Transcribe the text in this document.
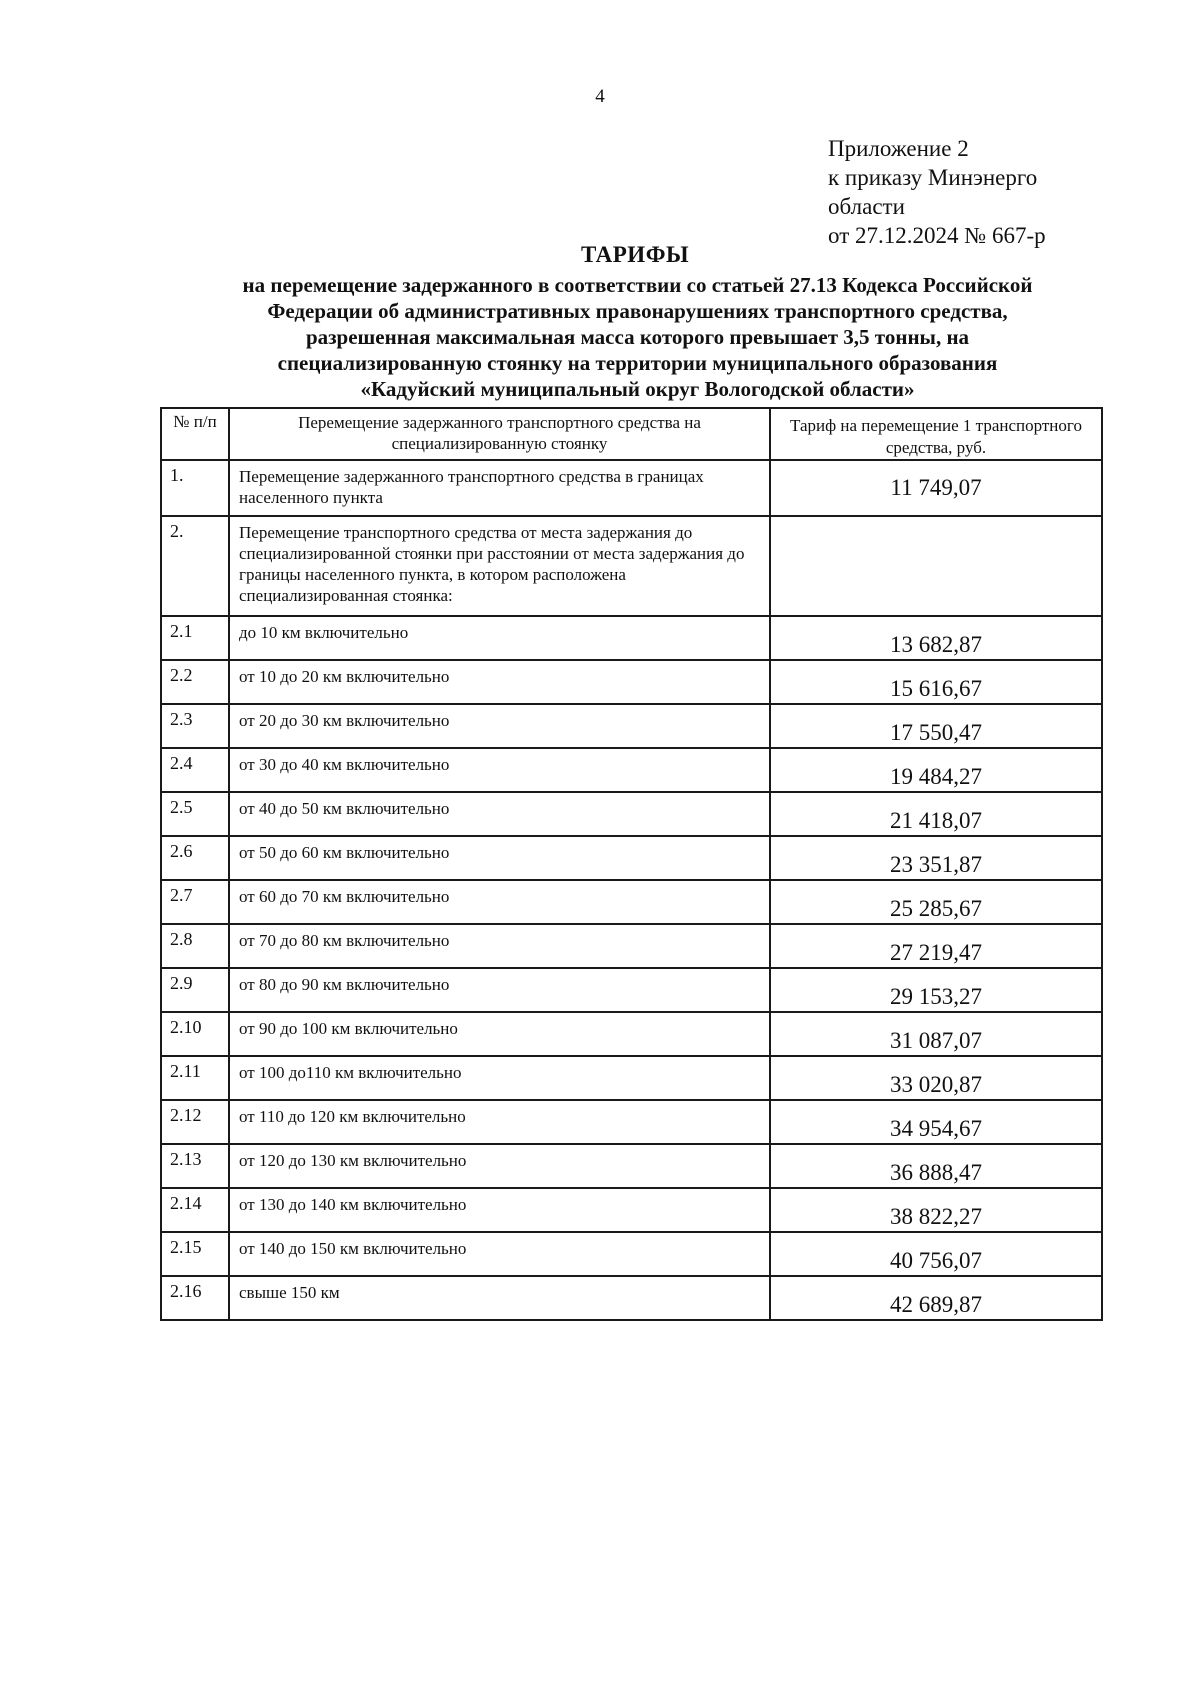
4
Приложение 2
к приказу Минэнерго
области
от 27.12.2024 № 667-р
ТАРИФЫ
на перемещение задержанного в соответствии со статьей 27.13 Кодекса Российской
Федерации об административных правонарушениях транспортного средства,
разрешенная максимальная масса которого превышает 3,5 тонны, на
специализированную стоянку на территории муниципального образования
«Кадуйский муниципальный округ Вологодской области»
№ п/п	Перемещение задержанного транспортного средства на специализированную стоянку	Тариф на перемещение 1 транспортного средства, руб.
1.	Перемещение задержанного транспортного средства в границах населенного пункта	11 749,07
2.	Перемещение транспортного средства от места задержания до специализированной стоянки при расстоянии от места задержания до границы населенного пункта, в котором расположена специализированная стоянка:	
2.1	до 10 км включительно	13 682,87
2.2	от 10 до 20 км включительно	15 616,67
2.3	от 20 до 30 км включительно	17 550,47
2.4	от 30 до 40 км включительно	19 484,27
2.5	от 40 до 50 км включительно	21 418,07
2.6	от 50 до 60 км включительно	23 351,87
2.7	от 60 до 70 км включительно	25 285,67
2.8	от 70 до 80 км включительно	27 219,47
2.9	от 80 до 90 км включительно	29 153,27
2.10	от 90 до 100 км включительно	31 087,07
2.11	от 100 до110 км включительно	33 020,87
2.12	от 110 до 120 км включительно	34 954,67
2.13	от 120 до 130 км включительно	36 888,47
2.14	от 130 до 140 км включительно	38 822,27
2.15	от 140 до 150 км включительно	40 756,07
2.16	свыше 150 км	42 689,87
